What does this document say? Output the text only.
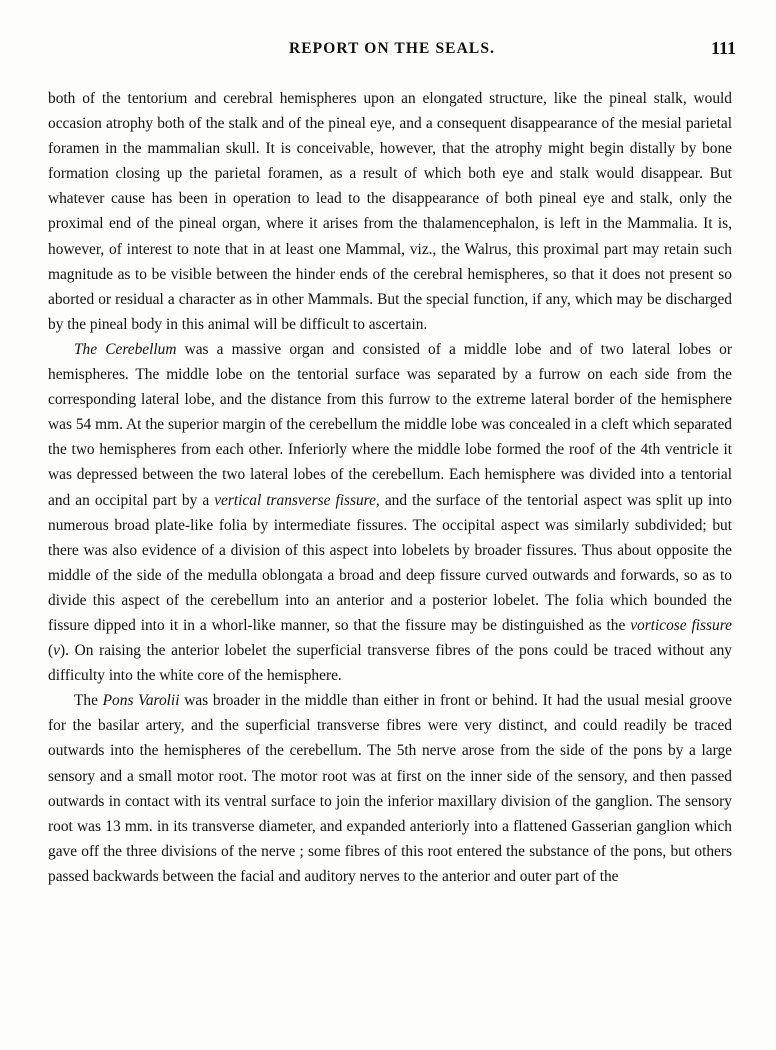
REPORT ON THE SEALS.	111

both of the tentorium and cerebral hemispheres upon an elongated structure, like the pineal stalk, would occasion atrophy both of the stalk and of the pineal eye, and a consequent disappearance of the mesial parietal foramen in the mammalian skull. It is conceivable, however, that the atrophy might begin distally by bone formation closing up the parietal foramen, as a result of which both eye and stalk would disappear. But whatever cause has been in operation to lead to the disappearance of both pineal eye and stalk, only the proximal end of the pineal organ, where it arises from the thalamencephalon, is left in the Mammalia. It is, however, of interest to note that in at least one Mammal, viz., the Walrus, this proximal part may retain such magnitude as to be visible between the hinder ends of the cerebral hemispheres, so that it does not present so aborted or residual a character as in other Mammals. But the special function, if any, which may be discharged by the pineal body in this animal will be difficult to ascertain.

The Cerebellum was a massive organ and consisted of a middle lobe and of two lateral lobes or hemispheres. The middle lobe on the tentorial surface was separated by a furrow on each side from the corresponding lateral lobe, and the distance from this furrow to the extreme lateral border of the hemisphere was 54 mm. At the superior margin of the cerebellum the middle lobe was concealed in a cleft which separated the two hemispheres from each other. Inferiorly where the middle lobe formed the roof of the 4th ventricle it was depressed between the two lateral lobes of the cerebellum. Each hemisphere was divided into a tentorial and an occipital part by a vertical transverse fissure, and the surface of the tentorial aspect was split up into numerous broad plate-like folia by intermediate fissures. The occipital aspect was similarly subdivided; but there was also evidence of a division of this aspect into lobelets by broader fissures. Thus about opposite the middle of the side of the medulla oblongata a broad and deep fissure curved outwards and forwards, so as to divide this aspect of the cerebellum into an anterior and a posterior lobelet. The folia which bounded the fissure dipped into it in a whorl-like manner, so that the fissure may be distinguished as the vorticose fissure (v). On raising the anterior lobelet the superficial transverse fibres of the pons could be traced without any difficulty into the white core of the hemisphere.

The Pons Varolii was broader in the middle than either in front or behind. It had the usual mesial groove for the basilar artery, and the superficial transverse fibres were very distinct, and could readily be traced outwards into the hemispheres of the cerebellum. The 5th nerve arose from the side of the pons by a large sensory and a small motor root. The motor root was at first on the inner side of the sensory, and then passed outwards in contact with its ventral surface to join the inferior maxillary division of the ganglion. The sensory root was 13 mm. in its transverse diameter, and expanded anteriorly into a flattened Gasserian ganglion which gave off the three divisions of the nerve ; some fibres of this root entered the substance of the pons, but others passed backwards between the facial and auditory nerves to the anterior and outer part of the
